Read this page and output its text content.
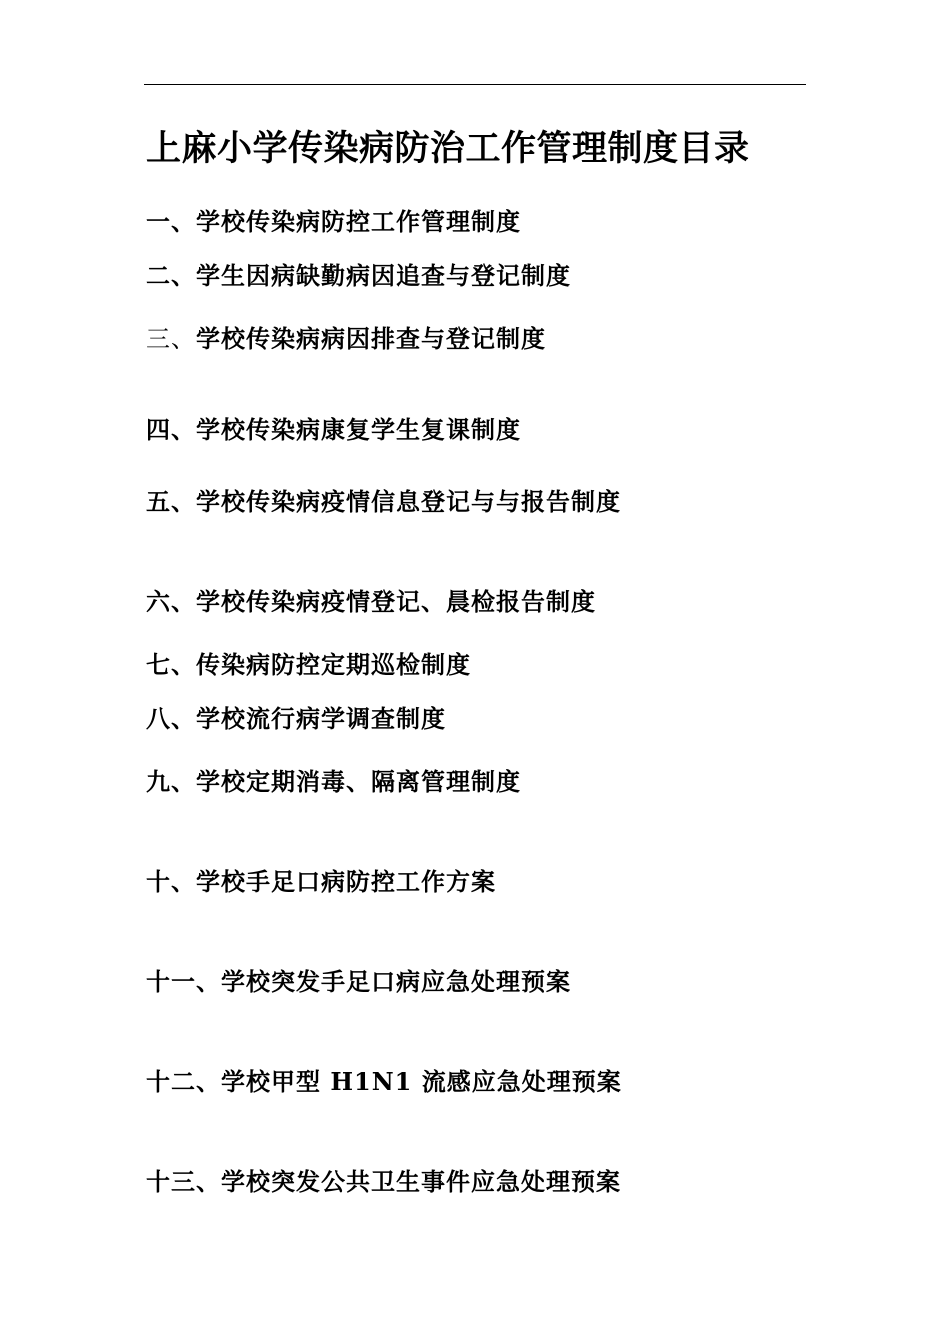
上麻小学传染病防治工作管理制度目录
一、学校传染病防控工作管理制度
二、学生因病缺勤病因追查与登记制度
三、学校传染病病因排查与登记制度
四、学校传染病康复学生复课制度
五、学校传染病疫情信息登记与与报告制度
六、学校传染病疫情登记、晨检报告制度
七、传染病防控定期巡检制度
八、学校流行病学调查制度
九、学校定期消毒、隔离管理制度
十、学校手足口病防控工作方案
十一、学校突发手足口病应急处理预案
十二、学校甲型 H1N1 流感应急处理预案
十三、学校突发公共卫生事件应急处理预案
